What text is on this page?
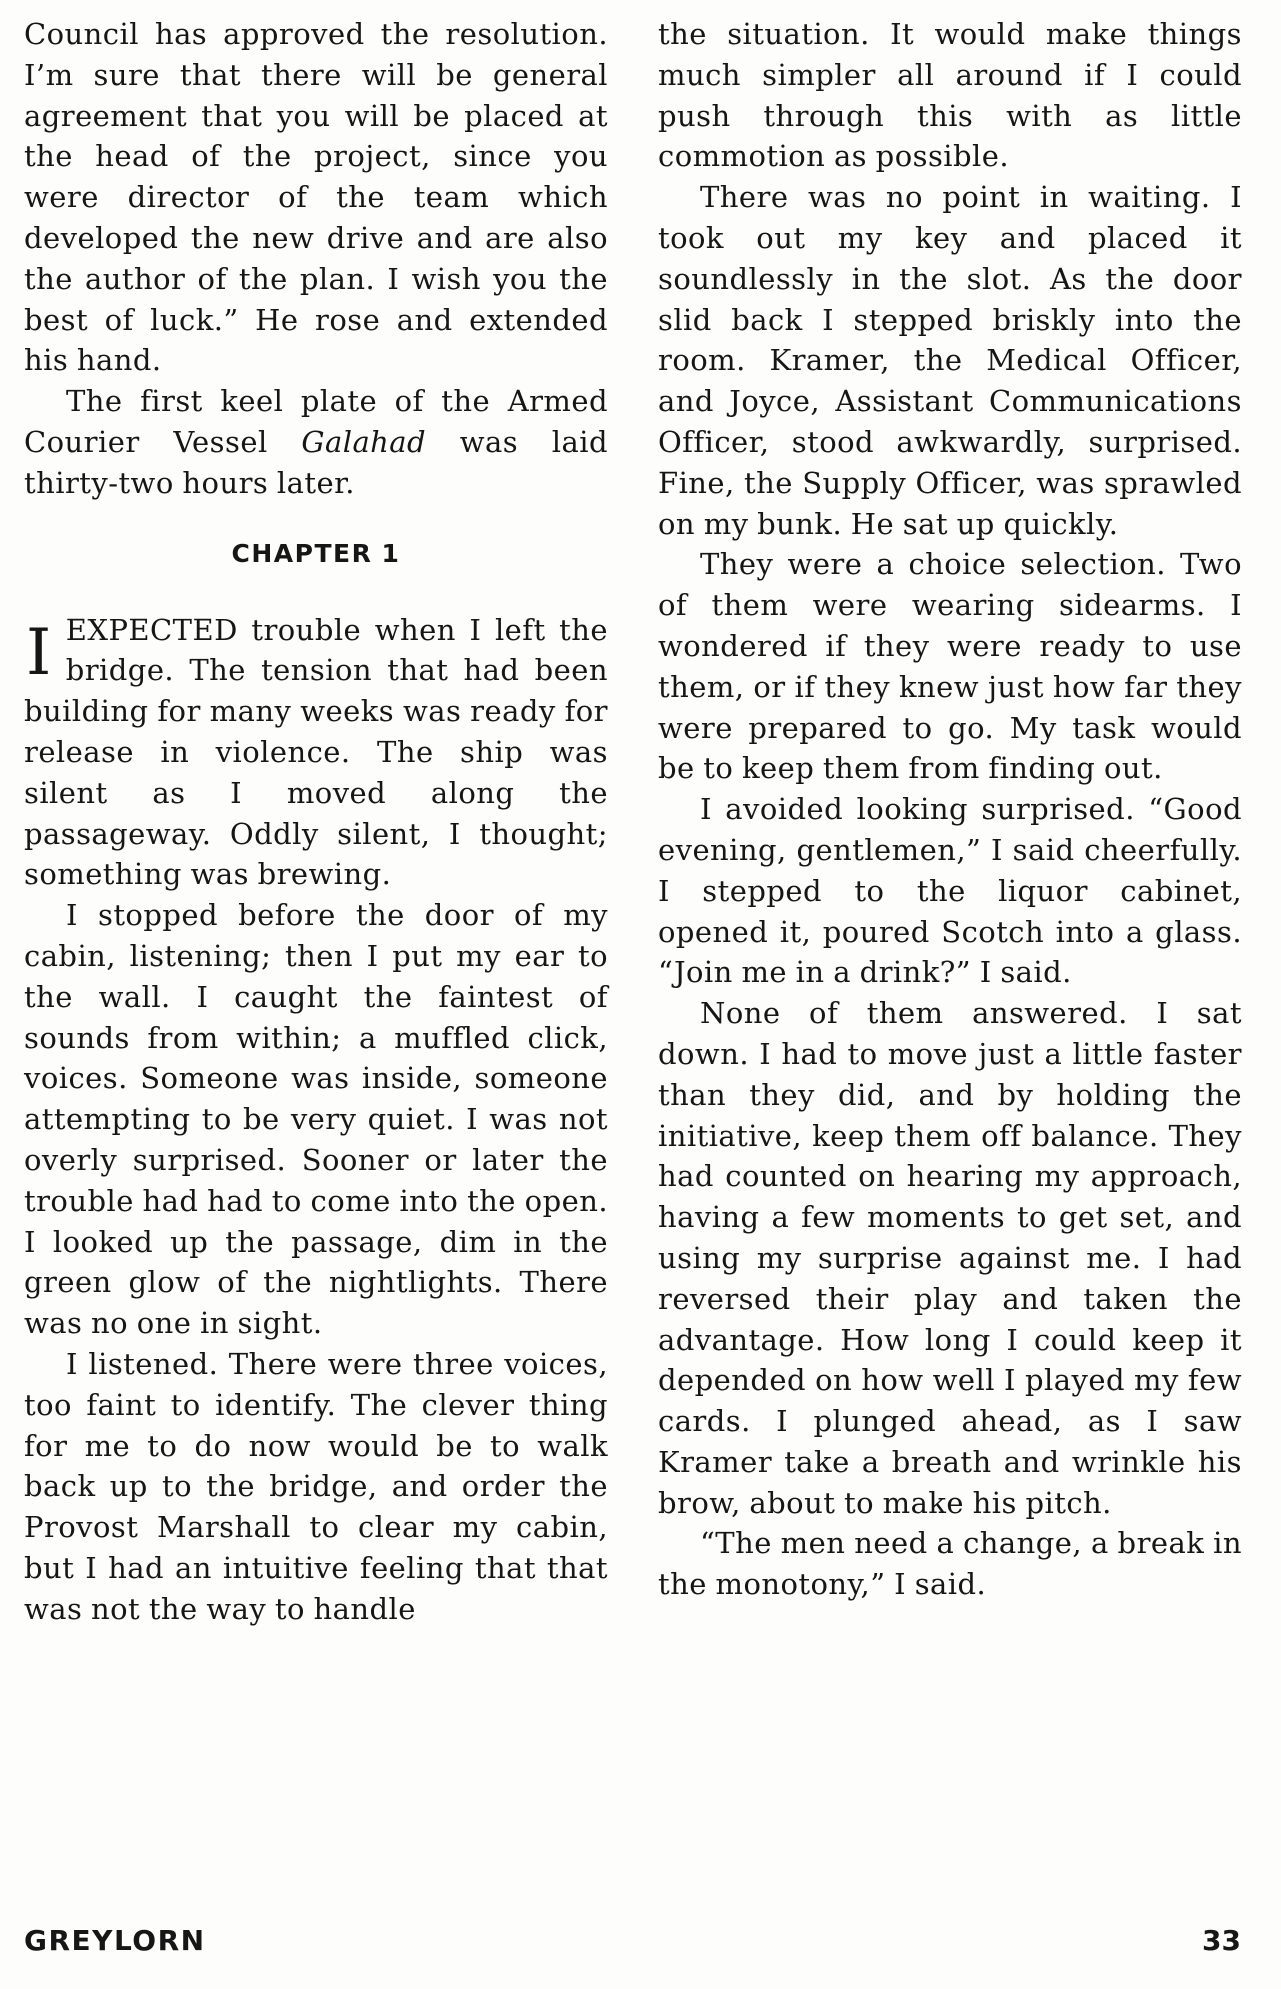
Council has approved the resolution. I’m sure that there will be general agreement that you will be placed at the head of the project, since you were director of the team which developed the new drive and are also the author of the plan. I wish you the best of luck.” He rose and extended his hand.

The first keel plate of the Armed Courier Vessel Galahad was laid thirty-two hours later.

CHAPTER 1

IEXPECTED trouble when I left the bridge. The tension that had been building for many weeks was ready for release in violence. The ship was silent as I moved along the passageway. Oddly silent, I thought; something was brewing.

I stopped before the door of my cabin, listening; then I put my ear to the wall. I caught the faintest of sounds from within; a muffled click, voices. Someone was inside, someone attempting to be very quiet. I was not overly surprised. Sooner or later the trouble had had to come into the open. I looked up the passage, dim in the green glow of the nightlights. There was no one in sight.

I listened. There were three voices, too faint to identify. The clever thing for me to do now would be to walk back up to the bridge, and order the Provost Marshall to clear my cabin, but I had an intuitive feeling that that was not the way to handle

the situation. It would make things much simpler all around if I could push through this with as little commotion as possible.

There was no point in waiting. I took out my key and placed it soundlessly in the slot. As the door slid back I stepped briskly into the room. Kramer, the Medical Officer, and Joyce, Assistant Communications Officer, stood awkwardly, surprised. Fine, the Supply Officer, was sprawled on my bunk. He sat up quickly.

They were a choice selection. Two of them were wearing sidearms. I wondered if they were ready to use them, or if they knew just how far they were prepared to go. My task would be to keep them from finding out.

I avoided looking surprised. “Good evening, gentlemen,” I said cheerfully. I stepped to the liquor cabinet, opened it, poured Scotch into a glass. “Join me in a drink?” I said.

None of them answered. I sat down. I had to move just a little faster than they did, and by holding the initiative, keep them off balance. They had counted on hearing my approach, having a few moments to get set, and using my surprise against me. I had reversed their play and taken the advantage. How long I could keep it depended on how well I played my few cards. I plunged ahead, as I saw Kramer take a breath and wrinkle his brow, about to make his pitch.

“The men need a change, a break in the monotony,” I said.

GREYLORN	33
